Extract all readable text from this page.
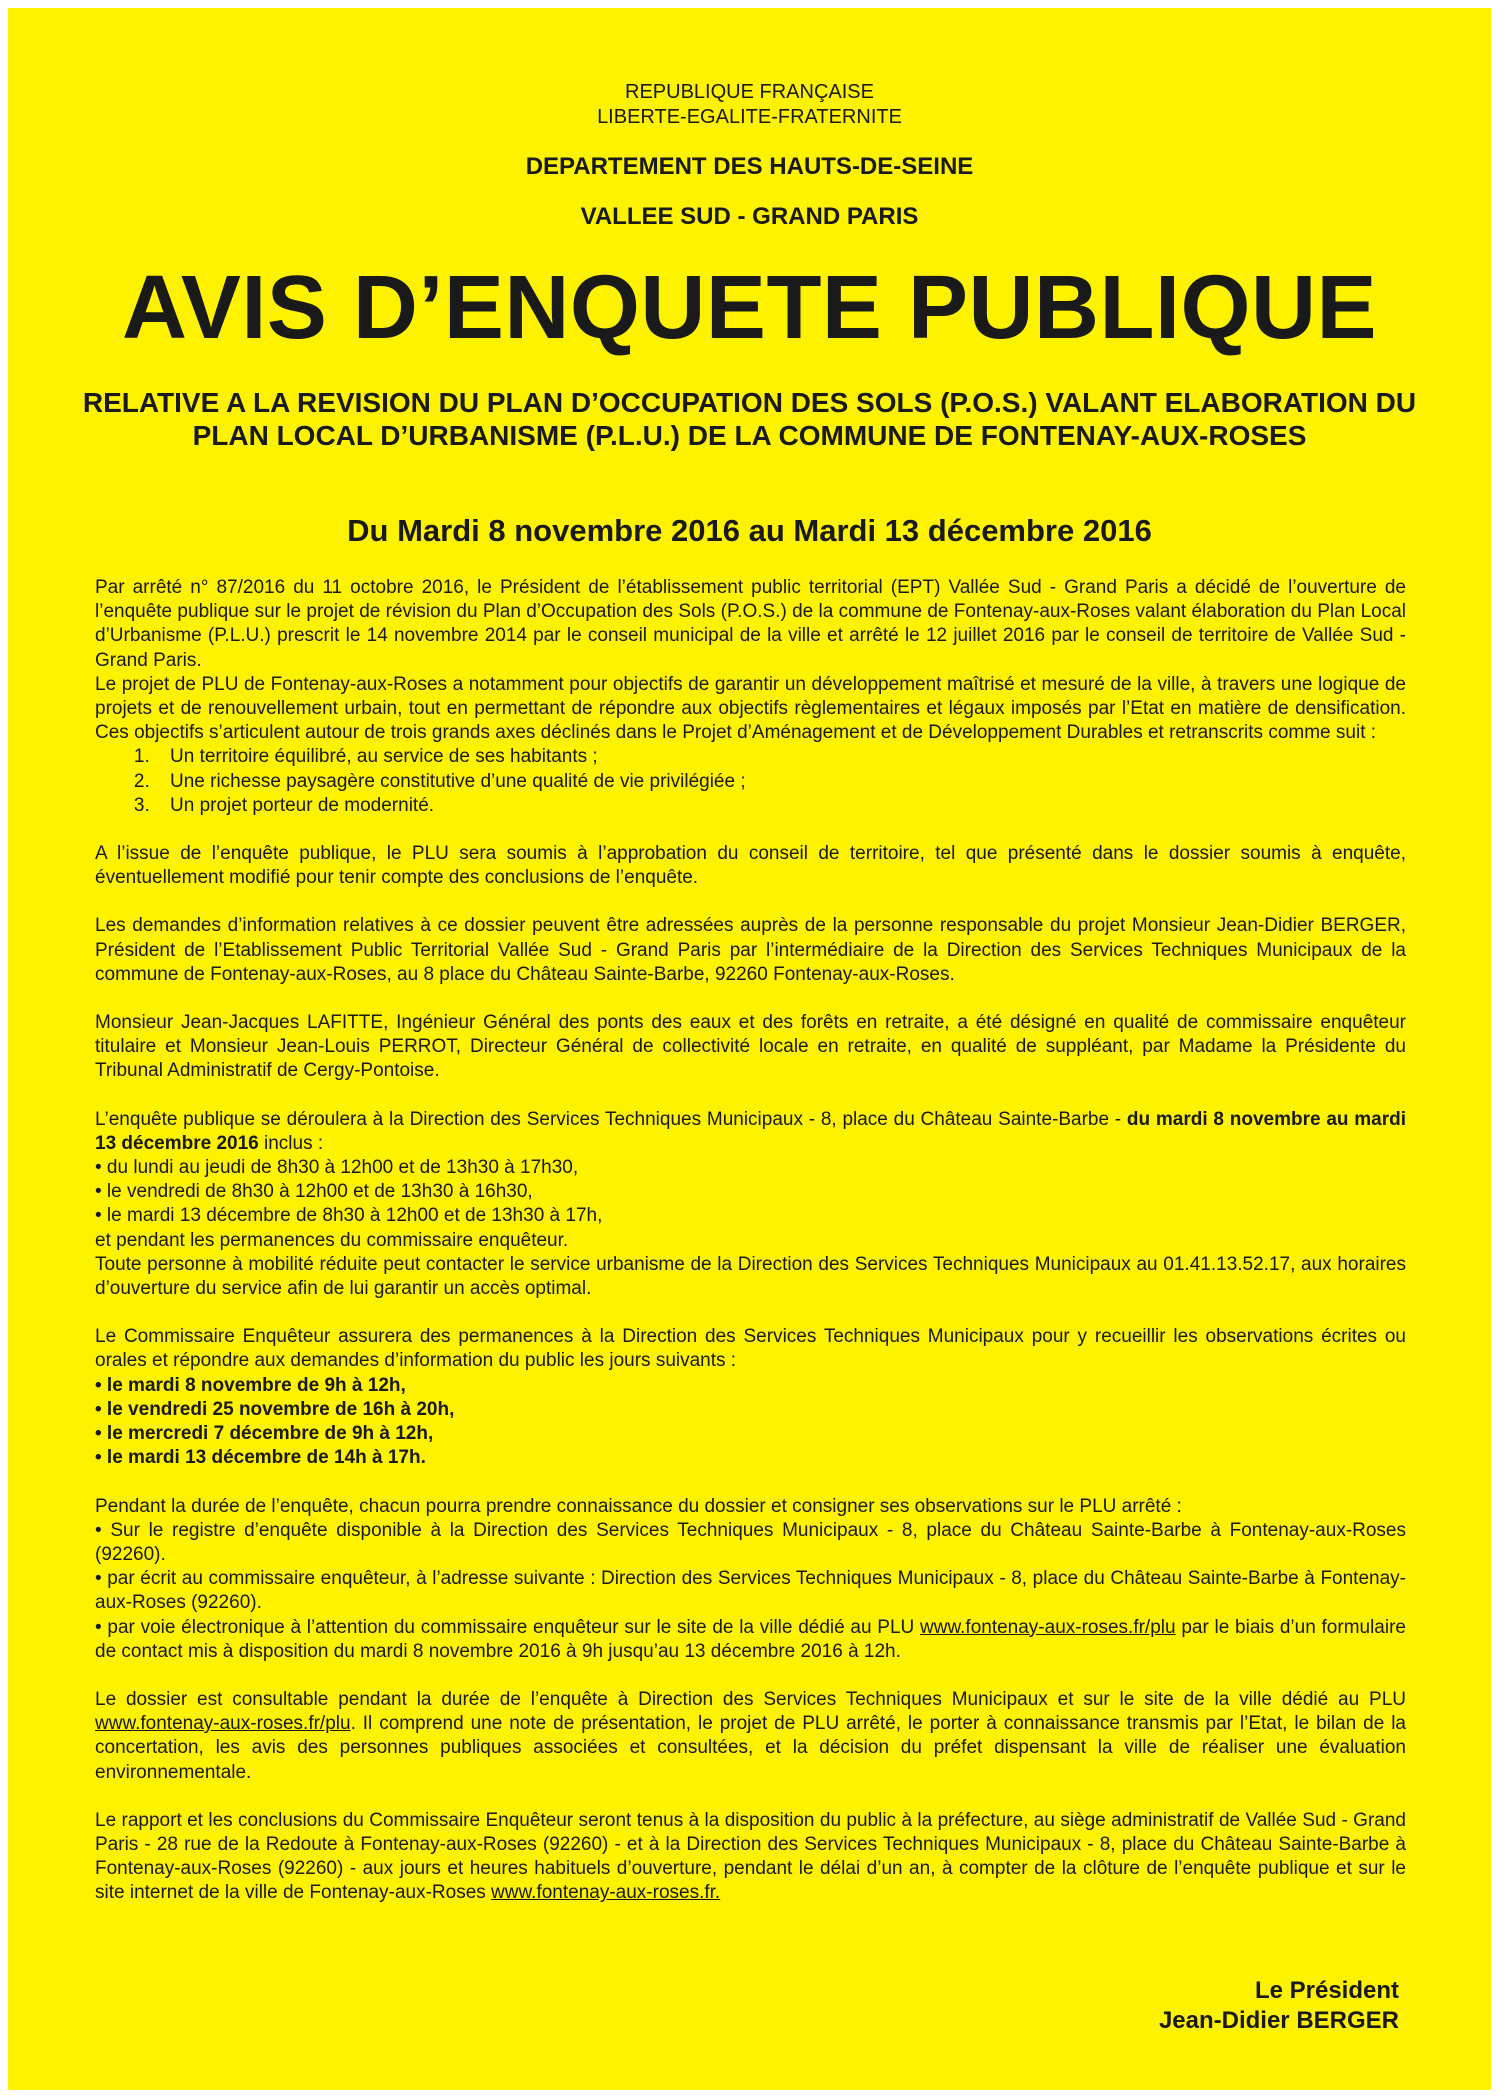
REPUBLIQUE FRANÇAISE
LIBERTE-EGALITE-FRATERNITE
DEPARTEMENT DES HAUTS-DE-SEINE
VALLEE SUD - GRAND PARIS
AVIS D’ENQUETE PUBLIQUE
RELATIVE A LA REVISION DU PLAN D’OCCUPATION DES SOLS (P.O.S.) VALANT ELABORATION DU PLAN LOCAL D’URBANISME (P.L.U.) DE LA COMMUNE DE FONTENAY-AUX-ROSES
Du Mardi 8 novembre 2016 au Mardi 13 décembre 2016

Par arrêté n° 87/2016 du 11 octobre 2016, le Président de l’établissement public territorial (EPT) Vallée Sud - Grand Paris a décidé de l’ouverture de l’enquête publique sur le projet de révision du Plan d’Occupation des Sols (P.O.S.) de la commune de Fontenay-aux-Roses valant élaboration du Plan Local d’Urbanisme (P.L.U.) prescrit le 14 novembre 2014 par le conseil municipal de la ville et arrêté le 12 juillet 2016 par le conseil de territoire de Vallée Sud - Grand Paris.

Le projet de PLU de Fontenay-aux-Roses a notamment pour objectifs de garantir un développement maîtrisé et mesuré de la ville, à travers une logique de projets et de renouvellement urbain, tout en permettant de répondre aux objectifs règlementaires et légaux imposés par l’Etat en matière de densification. Ces objectifs s’articulent autour de trois grands axes déclinés dans le Projet d’Aménagement et de Développement Durables et retranscrits comme suit :

1. Un territoire équilibré, au service de ses habitants ;
2. Une richesse paysagère constitutive d’une qualité de vie privilégiée ;
3. Un projet porteur de modernité.

A l’issue de l’enquête publique, le PLU sera soumis à l’approbation du conseil de territoire, tel que présenté dans le dossier soumis à enquête, éventuellement modifié pour tenir compte des conclusions de l’enquête.

Les demandes d’information relatives à ce dossier peuvent être adressées auprès de la personne responsable du projet Monsieur Jean-Didier BERGER, Président de l’Etablissement Public Territorial Vallée Sud - Grand Paris par l’intermédiaire de la Direction des Services Techniques Municipaux de la commune de Fontenay-aux-Roses, au 8 place du Château Sainte-Barbe, 92260 Fontenay-aux-Roses.

Monsieur Jean-Jacques LAFITTE, Ingénieur Général des ponts des eaux et des forêts en retraite, a été désigné en qualité de commissaire enquêteur titulaire et Monsieur Jean-Louis PERROT, Directeur Général de collectivité locale en retraite, en qualité de suppléant, par Madame la Présidente du Tribunal Administratif de Cergy-Pontoise.

L’enquête publique se déroulera à la Direction des Services Techniques Municipaux - 8, place du Château Sainte-Barbe - du mardi 8 novembre au mardi 13 décembre 2016 inclus :

• du lundi au jeudi de 8h30 à 12h00 et de 13h30 à 17h30,

• le vendredi de 8h30 à 12h00 et de 13h30 à 16h30,

• le mardi 13 décembre de 8h30 à 12h00 et de 13h30 à 17h,

et pendant les permanences du commissaire enquêteur.

Toute personne à mobilité réduite peut contacter le service urbanisme de la Direction des Services Techniques Municipaux au 01.41.13.52.17, aux horaires d’ouverture du service afin de lui garantir un accès optimal.

Le Commissaire Enquêteur assurera des permanences à la Direction des Services Techniques Municipaux pour y recueillir les observations écrites ou orales et répondre aux demandes d’information du public les jours suivants :

• le mardi 8 novembre de 9h à 12h,

• le vendredi 25 novembre de 16h à 20h,

• le mercredi 7 décembre de 9h à 12h,

• le mardi 13 décembre de 14h à 17h.

Pendant la durée de l’enquête, chacun pourra prendre connaissance du dossier et consigner ses observations sur le PLU arrêté :

• Sur le registre d’enquête disponible à la Direction des Services Techniques Municipaux - 8, place du Château Sainte-Barbe à Fontenay-aux-Roses (92260).

• par écrit au commissaire enquêteur, à l’adresse suivante : Direction des Services Techniques Municipaux - 8, place du Château Sainte-Barbe à Fontenay-aux-Roses (92260).

• par voie électronique à l’attention du commissaire enquêteur sur le site de la ville dédié au PLU www.fontenay-aux-roses.fr/plu par le biais d’un formulaire de contact mis à disposition du mardi 8 novembre 2016 à 9h jusqu’au 13 décembre 2016 à 12h.

Le dossier est consultable pendant la durée de l’enquête à Direction des Services Techniques Municipaux et sur le site de la ville dédié au PLU www.fontenay-aux-roses.fr/plu. Il comprend une note de présentation, le projet de PLU arrêté, le porter à connaissance transmis par l’Etat, le bilan de la concertation, les avis des personnes publiques associées et consultées, et la décision du préfet dispensant la ville de réaliser une évaluation environnementale.

Le rapport et les conclusions du Commissaire Enquêteur seront tenus à la disposition du public à la préfecture, au siège administratif de Vallée Sud - Grand Paris - 28 rue de la Redoute à Fontenay-aux-Roses (92260) - et à la Direction des Services Techniques Municipaux - 8, place du Château Sainte-Barbe à Fontenay-aux-Roses (92260) - aux jours et heures habituels d’ouverture, pendant le délai d’un an, à compter de la clôture de l’enquête publique et sur le site internet de la ville de Fontenay-aux-Roses www.fontenay-aux-roses.fr.

Le Président
Jean-Didier BERGER
